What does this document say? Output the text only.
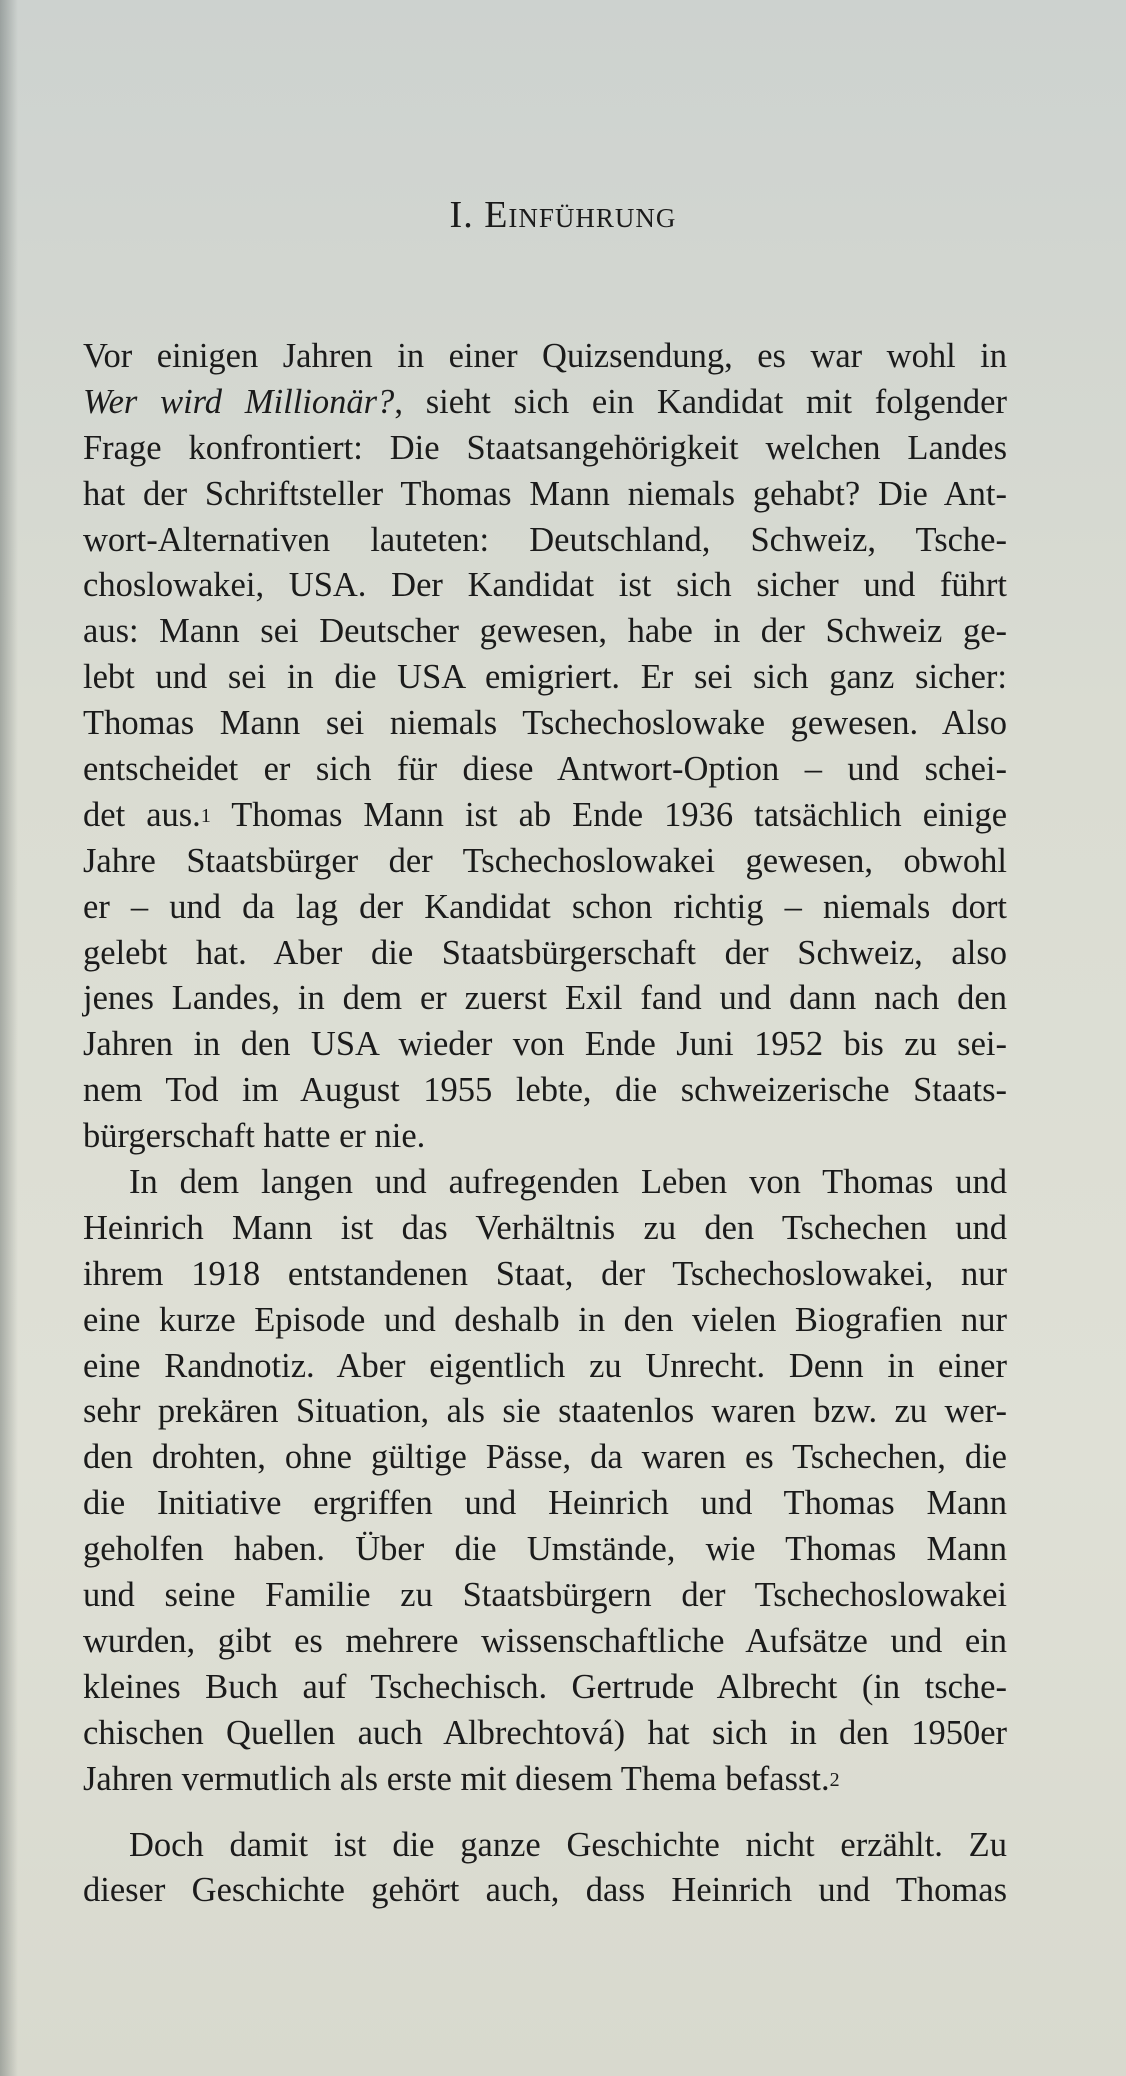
I. Einführung
Vor einigen Jahren in einer Quizsendung, es war wohl in
Wer wird Millionär?, sieht sich ein Kandidat mit folgender
Frage konfrontiert: Die Staatsangehörigkeit welchen Landes
hat der Schriftsteller Thomas Mann niemals gehabt? Die Ant-
wort-Alternativen lauteten: Deutschland, Schweiz, Tsche-
choslowakei, USA. Der Kandidat ist sich sicher und führt
aus: Mann sei Deutscher gewesen, habe in der Schweiz ge-
lebt und sei in die USA emigriert. Er sei sich ganz sicher:
Thomas Mann sei niemals Tschechoslowake gewesen. Also
entscheidet er sich für diese Antwort-Option – und schei-
det aus.$^1$ Thomas Mann ist ab Ende 1936 tatsächlich einige
Jahre Staatsbürger der Tschechoslowakei gewesen, obwohl
er – und da lag der Kandidat schon richtig – niemals dort
gelebt hat. Aber die Staatsbürgerschaft der Schweiz, also
jenes Landes, in dem er zuerst Exil fand und dann nach den
Jahren in den USA wieder von Ende Juni 1952 bis zu sei-
nem Tod im August 1955 lebte, die schweizerische Staats-
bürgerschaft hatte er nie.
In dem langen und aufregenden Leben von Thomas und
Heinrich Mann ist das Verhältnis zu den Tschechen und
ihrem 1918 entstandenen Staat, der Tschechoslowakei, nur
eine kurze Episode und deshalb in den vielen Biografien nur
eine Randnotiz. Aber eigentlich zu Unrecht. Denn in einer
sehr prekären Situation, als sie staatenlos waren bzw. zu wer-
den drohten, ohne gültige Pässe, da waren es Tschechen, die
die Initiative ergriffen und Heinrich und Thomas Mann
geholfen haben. Über die Umstände, wie Thomas Mann
und seine Familie zu Staatsbürgern der Tschechoslowakei
wurden, gibt es mehrere wissenschaftliche Aufsätze und ein
kleines Buch auf Tschechisch. Gertrude Albrecht (in tsche-
chischen Quellen auch Albrechtová) hat sich in den 1950er
Jahren vermutlich als erste mit diesem Thema befasst.$^2$
Doch damit ist die ganze Geschichte nicht erzählt. Zu
dieser Geschichte gehört auch, dass Heinrich und Thomas
